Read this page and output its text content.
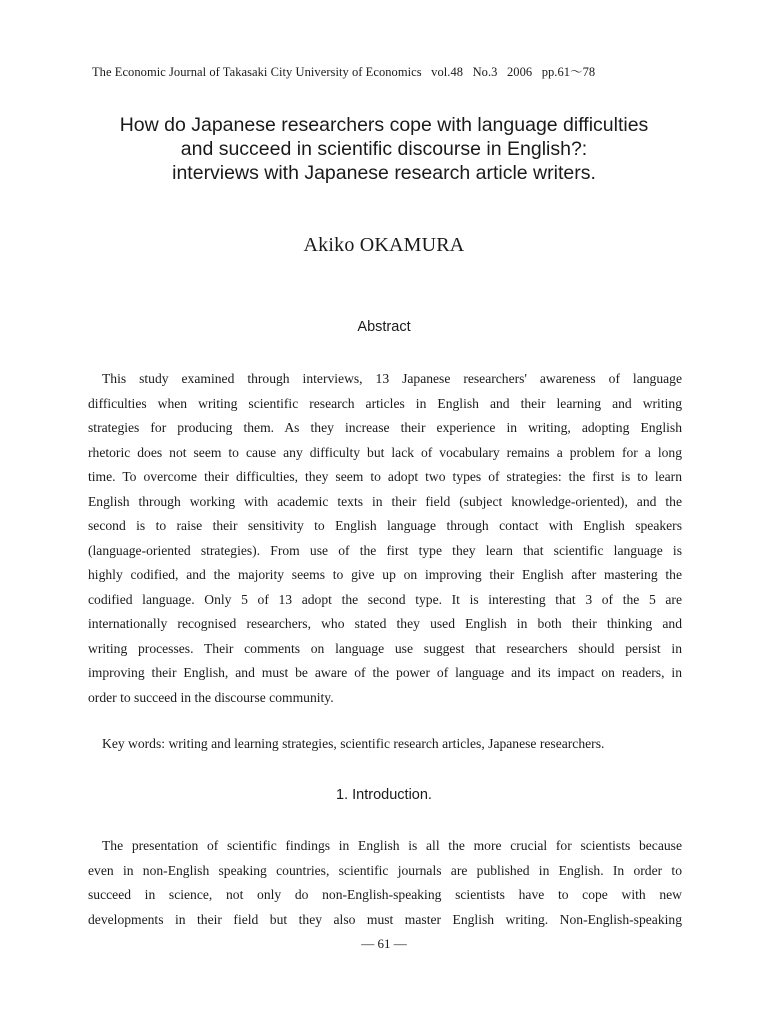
The Economic Journal of Takasaki City University of Economics   vol.48   No.3   2006   pp.61～78
How do Japanese researchers cope with language difficulties
and succeed in scientific discourse in English?:
interviews with Japanese research article writers.
Akiko OKAMURA
Abstract
This study examined through interviews, 13 Japanese researchers' awareness of language
difficulties when writing scientific research articles in English and their learning and writing
strategies for producing them. As they increase their experience in writing, adopting English
rhetoric does not seem to cause any difficulty but lack of vocabulary remains a problem for a long
time. To overcome their difficulties, they seem to adopt two types of strategies: the first is to learn
English through working with academic texts in their field (subject knowledge-oriented), and the
second is to raise their sensitivity to English language through contact with English speakers
(language-oriented strategies). From use of the first type they learn that scientific language is
highly codified, and the majority seems to give up on improving their English after mastering the
codified language. Only 5 of 13 adopt the second type. It is interesting that 3 of the 5 are
internationally recognised researchers, who stated they used English in both their thinking and
writing processes. Their comments on language use suggest that researchers should persist in
improving their English, and must be aware of the power of language and its impact on readers, in
order to succeed in the discourse community.
Key words: writing and learning strategies, scientific research articles, Japanese researchers.
1. Introduction.
The presentation of scientific findings in English is all the more crucial for scientists because
even in non-English speaking countries, scientific journals are published in English. In order to
succeed in science, not only do non-English-speaking scientists have to cope with new
developments in their field but they also must master English writing. Non-English-speaking
― 61 ―
